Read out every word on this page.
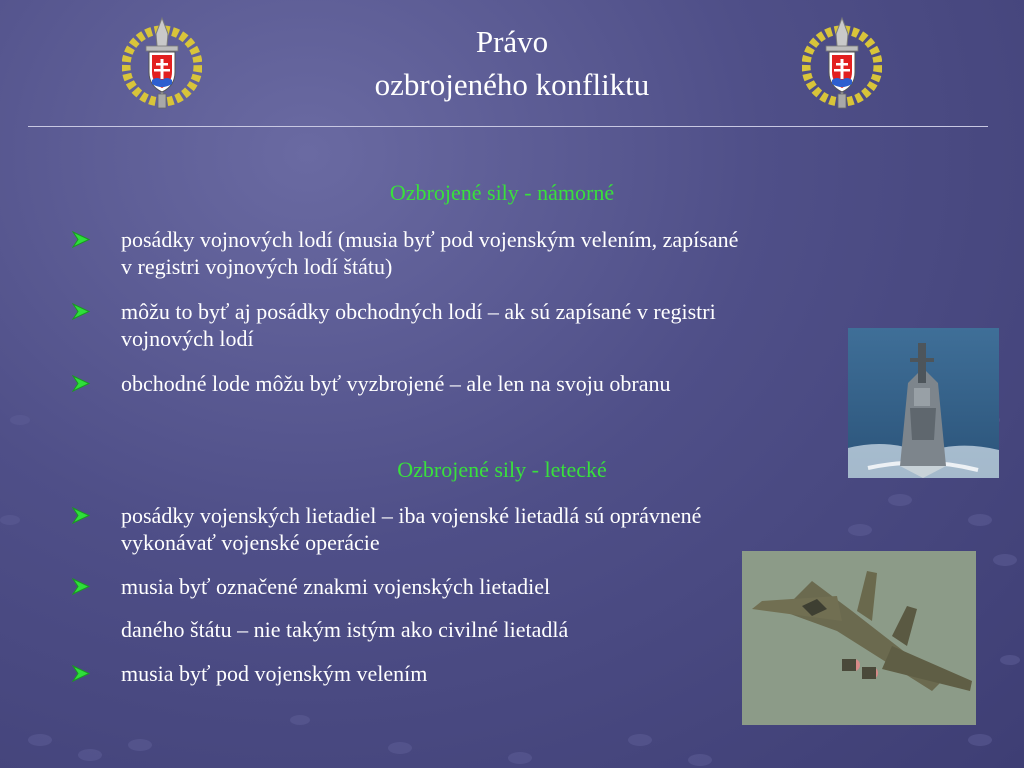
Právo
ozbrojeného konfliktu
Ozbrojené sily - námorné
posádky vojnových lodí (musia byť pod vojenským velením, zapísané
v registri vojnových lodí štátu)
môžu to byť aj posádky obchodných lodí – ak sú zapísané v registri
vojnových lodí
obchodné lode môžu byť vyzbrojené – ale len na svoju obranu
Ozbrojené sily - letecké
posádky vojenských lietadiel – iba vojenské lietadlá sú oprávnené
vykonávať vojenské operácie
musia byť označené znakmi vojenských lietadiel
daného štátu – nie takým istým ako civilné lietadlá
musia byť pod vojenským velením
